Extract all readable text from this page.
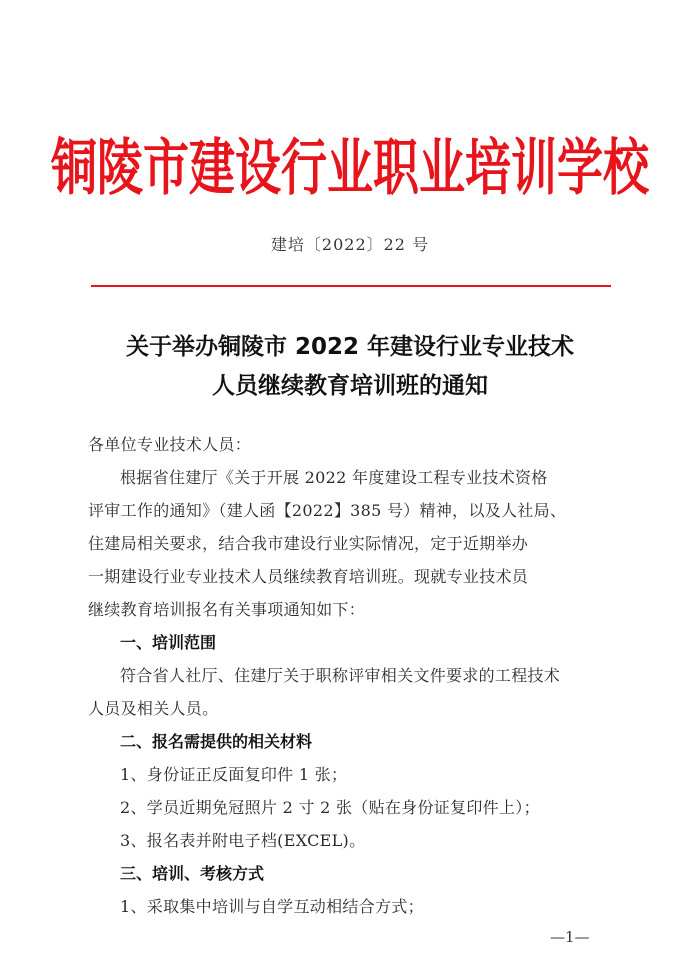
铜陵市建设行业职业培训学校
建培〔2022〕22 号
关于举办铜陵市 2022 年建设行业专业技术
人员继续教育培训班的通知
各单位专业技术人员：
根据省住建厅《关于开展 2022 年度建设工程专业技术资格
评审工作的通知》（建人函【2022】385 号）精神，以及人社局、
住建局相关要求，结合我市建设行业实际情况，定于近期举办
一期建设行业专业技术人员继续教育培训班。现就专业技术员
继续教育培训报名有关事项通知如下：
一、培训范围
符合省人社厅、住建厅关于职称评审相关文件要求的工程技术
人员及相关人员。
二、报名需提供的相关材料
1、身份证正反面复印件 1 张；
2、学员近期免冠照片 2 寸 2 张（贴在身份证复印件上）；
3、报名表并附电子档(EXCEL)。
三、培训、考核方式
1、采取集中培训与自学互动相结合方式；
—1—
